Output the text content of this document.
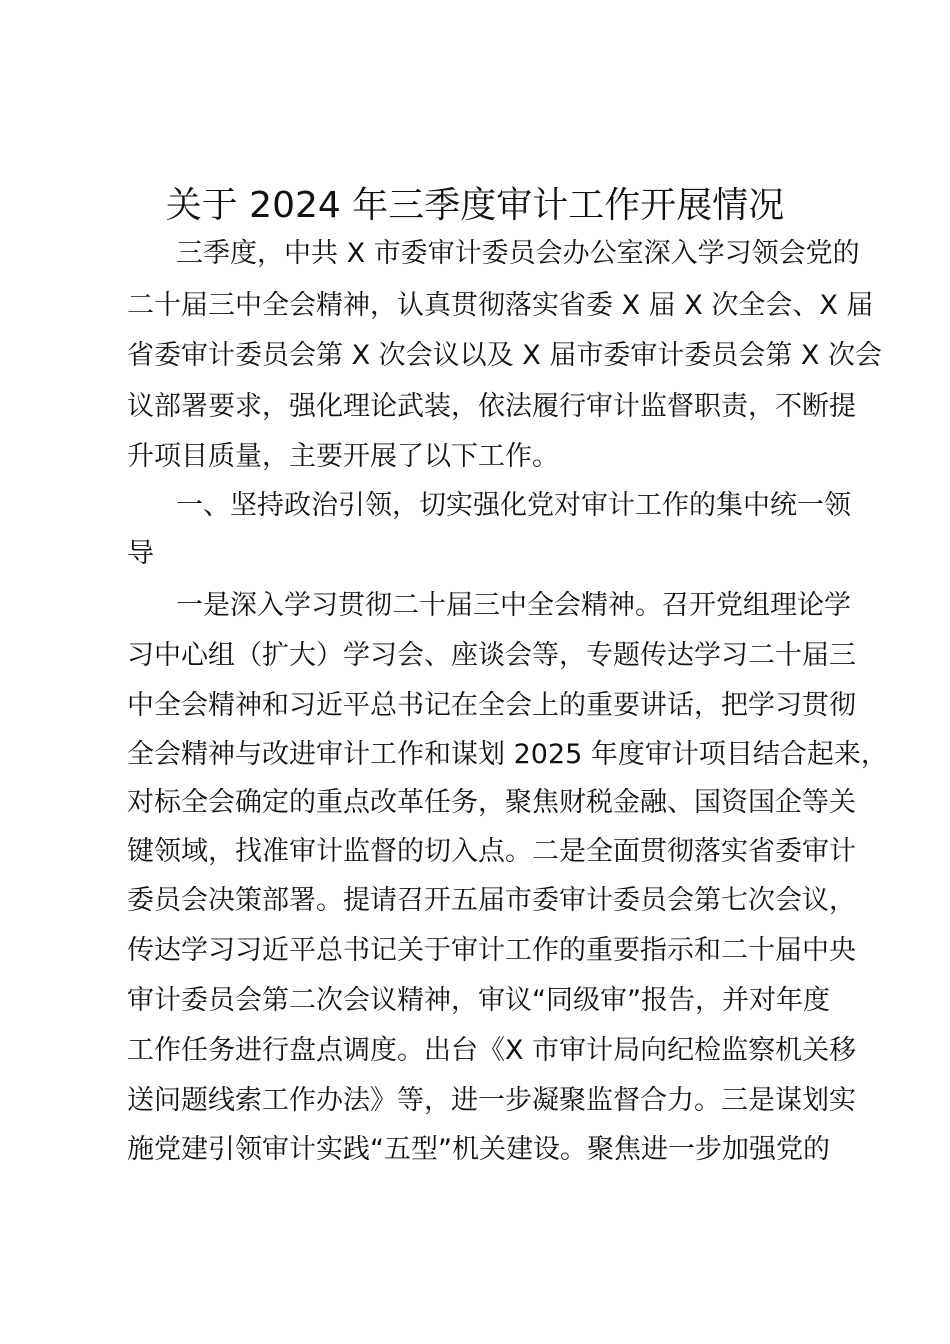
关于 2024 年三季度审计工作开展情况
三季度，中共 X 市委审计委员会办公室深入学习领会党的
二十届三中全会精神，认真贯彻落实省委 X 届 X 次全会、X 届
省委审计委员会第 X 次会议以及 X 届市委审计委员会第 X 次会
议部署要求，强化理论武装，依法履行审计监督职责，不断提
升项目质量，主要开展了以下工作。
一、坚持政治引领，切实强化党对审计工作的集中统一领
导
一是深入学习贯彻二十届三中全会精神。召开党组理论学
习中心组（扩大）学习会、座谈会等，专题传达学习二十届三
中全会精神和习近平总书记在全会上的重要讲话，把学习贯彻
全会精神与改进审计工作和谋划 2025 年度审计项目结合起来，
对标全会确定的重点改革任务，聚焦财税金融、国资国企等关
键领域，找准审计监督的切入点。二是全面贯彻落实省委审计
委员会决策部署。提请召开五届市委审计委员会第七次会议，
传达学习习近平总书记关于审计工作的重要指示和二十届中央
审计委员会第二次会议精神，审议“同级审”报告，并对年度
工作任务进行盘点调度。出台《X 市审计局向纪检监察机关移
送问题线索工作办法》等，进一步凝聚监督合力。三是谋划实
施党建引领审计实践“五型”机关建设。聚焦进一步加强党的
